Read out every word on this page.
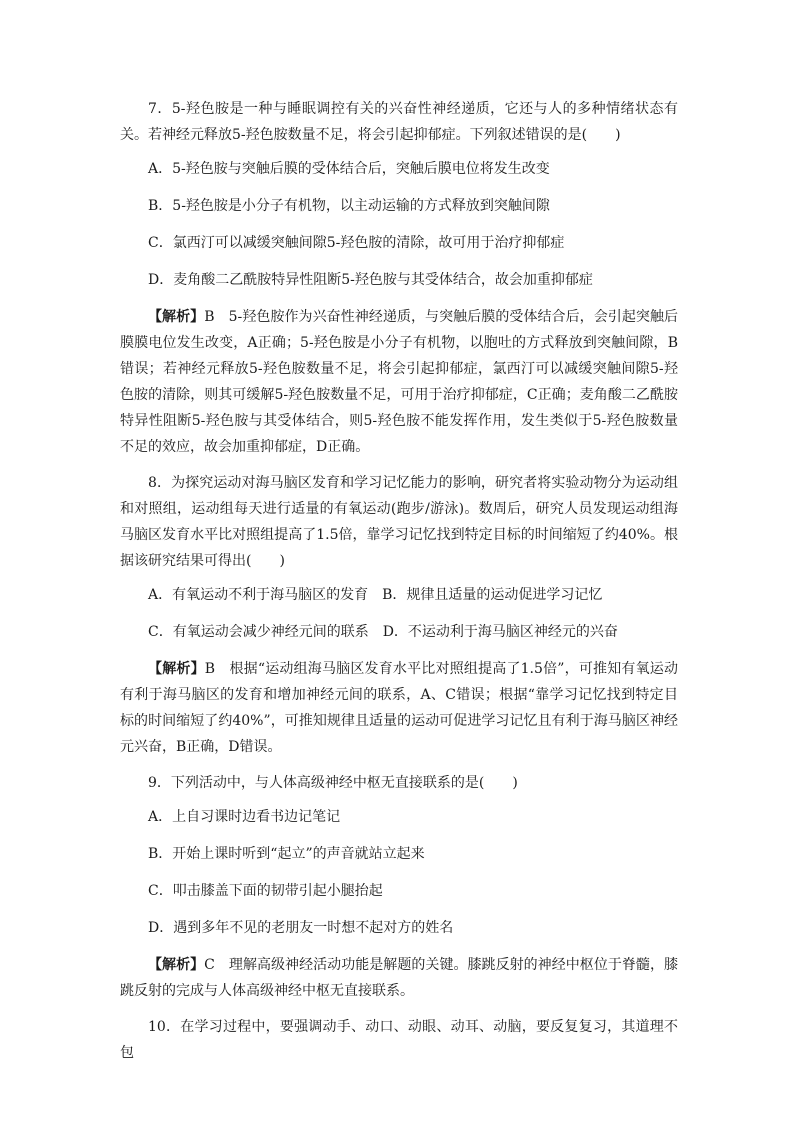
7．5-羟色胺是一种与睡眠调控有关的兴奋性神经递质，它还与人的多种情绪状态有关。若神经元释放5-羟色胺数量不足，将会引起抑郁症。下列叙述错误的是(　　)

A．5-羟色胺与突触后膜的受体结合后，突触后膜电位将发生改变

B．5-羟色胺是小分子有机物，以主动运输的方式释放到突触间隙

C．氯西汀可以减缓突触间隙5-羟色胺的清除，故可用于治疗抑郁症

D．麦角酸二乙酰胺特异性阻断5-羟色胺与其受体结合，故会加重抑郁症

【解析】B　5-羟色胺作为兴奋性神经递质，与突触后膜的受体结合后，会引起突触后膜膜电位发生改变，A正确；5-羟色胺是小分子有机物，以胞吐的方式释放到突触间隙，B错误；若神经元释放5-羟色胺数量不足，将会引起抑郁症，氯西汀可以减缓突触间隙5-羟色胺的清除，则其可缓解5-羟色胺数量不足，可用于治疗抑郁症，C正确；麦角酸二乙酰胺特异性阻断5-羟色胺与其受体结合，则5-羟色胺不能发挥作用，发生类似于5-羟色胺数量不足的效应，故会加重抑郁症，D正确。

8．为探究运动对海马脑区发育和学习记忆能力的影响，研究者将实验动物分为运动组和对照组，运动组每天进行适量的有氧运动(跑步/游泳)。数周后，研究人员发现运动组海马脑区发育水平比对照组提高了1.5倍，靠学习记忆找到特定目标的时间缩短了约40%。根据该研究结果可得出(　　)

A．有氧运动不利于海马脑区的发育　B．规律且适量的运动促进学习记忆

C．有氧运动会减少神经元间的联系　D．不运动利于海马脑区神经元的兴奋

【解析】B　根据“运动组海马脑区发育水平比对照组提高了1.5倍”，可推知有氧运动有利于海马脑区的发育和增加神经元间的联系，A、C错误；根据“靠学习记忆找到特定目标的时间缩短了约40%”，可推知规律且适量的运动可促进学习记忆且有利于海马脑区神经元兴奋，B正确，D错误。

9．下列活动中，与人体高级神经中枢无直接联系的是(　　)

A．上自习课时边看书边记笔记

B．开始上课时听到“起立”的声音就站立起来

C．叩击膝盖下面的韧带引起小腿抬起

D．遇到多年不见的老朋友一时想不起对方的姓名

【解析】C　理解高级神经活动功能是解题的关键。膝跳反射的神经中枢位于脊髓，膝跳反射的完成与人体高级神经中枢无直接联系。

10．在学习过程中，要强调动手、动口、动眼、动耳、动脑，要反复复习，其道理不包
